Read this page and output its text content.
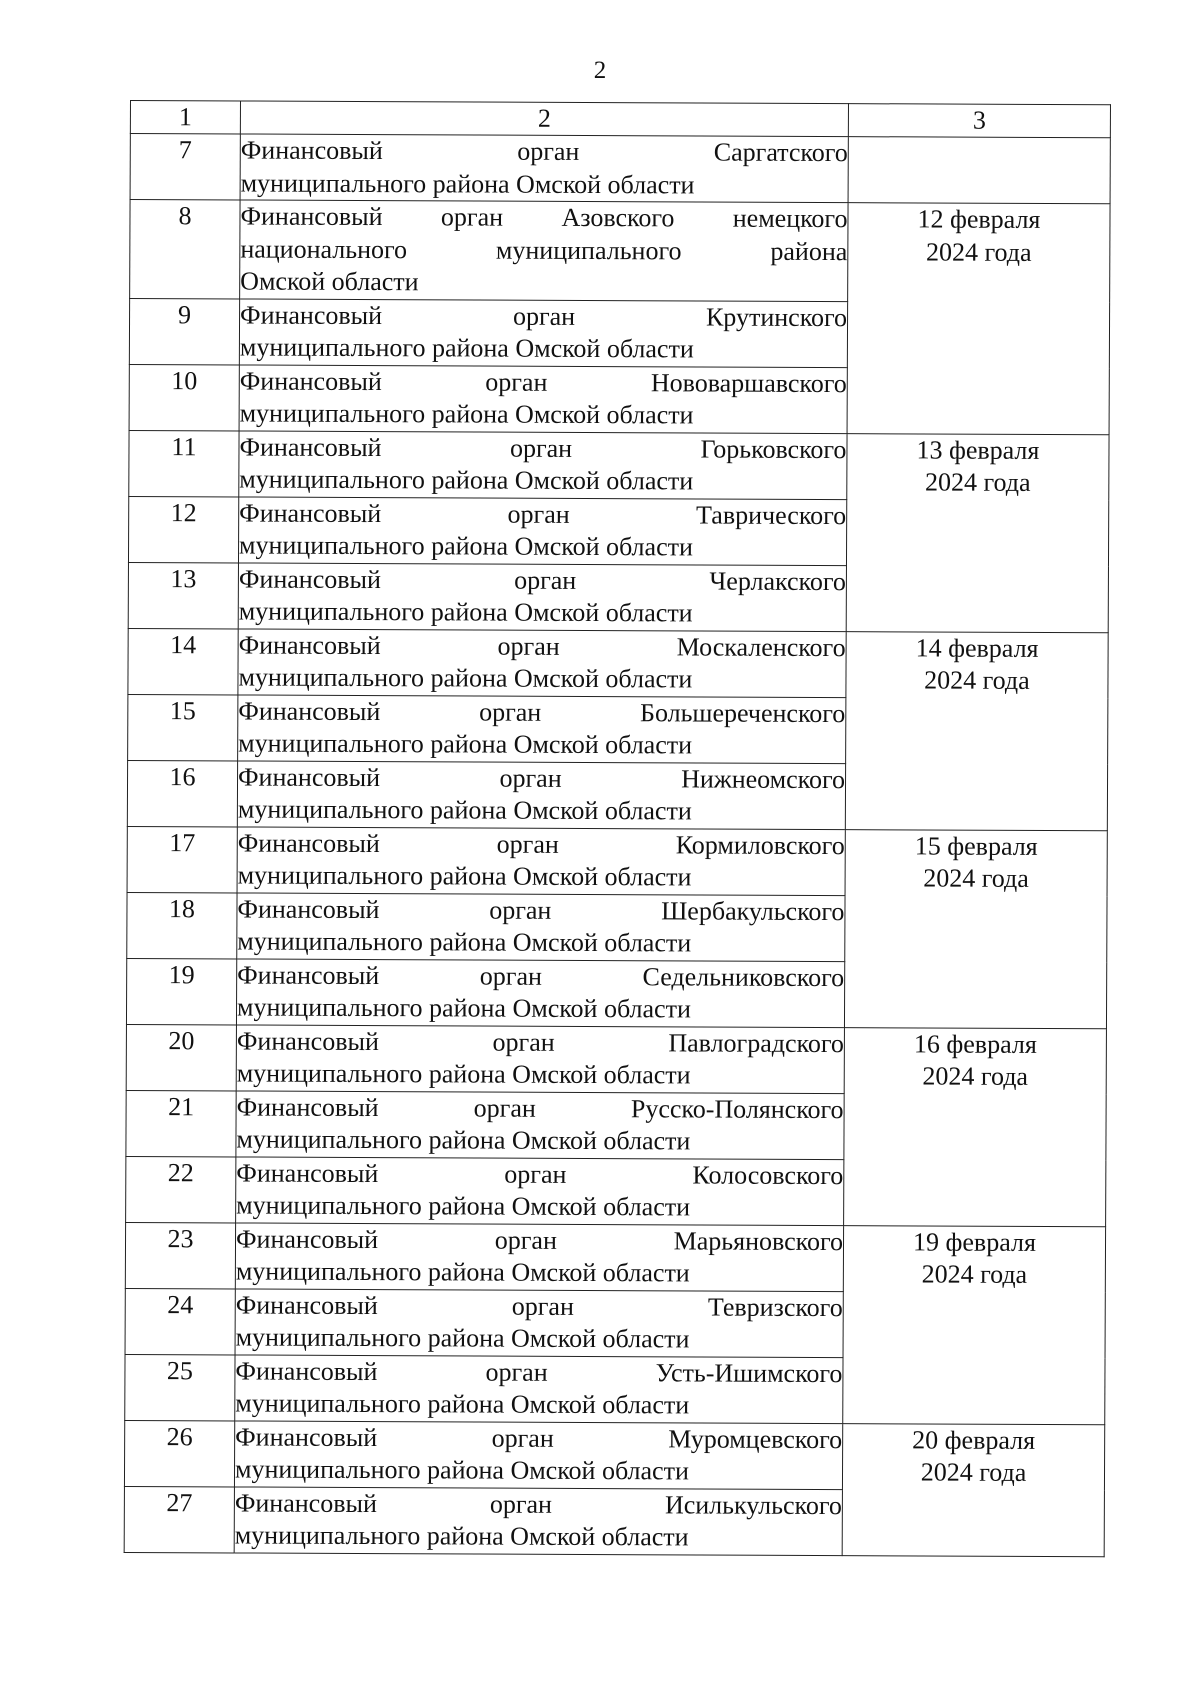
2
1	2	3
7	Финансовый орган Саргатского
муниципального района Омской области	

8	Финансовый орган Азовского немецкого национального муниципального района
Омской области	12 февраля
2024 года

9	Финансовый орган Крутинского
муниципального района Омской области	

10	Финансовый орган Нововаршавского
муниципального района Омской области	

11	Финансовый орган Горьковского
муниципального района Омской области	13 февраля
2024 года

12	Финансовый орган Таврического
муниципального района Омской области	

13	Финансовый орган Черлакского
муниципального района Омской области	

14	Финансовый орган Москаленского
муниципального района Омской области	14 февраля
2024 года

15	Финансовый орган Большереченского
муниципального района Омской области	

16	Финансовый орган Нижнеомского
муниципального района Омской области	

17	Финансовый орган Кормиловского
муниципального района Омской области	15 февраля
2024 года

18	Финансовый орган Шербакульского
муниципального района Омской области	

19	Финансовый орган Седельниковского
муниципального района Омской области	

20	Финансовый орган Павлоградского
муниципального района Омской области	16 февраля
2024 года

21	Финансовый орган Русско-Полянского
муниципального района Омской области	

22	Финансовый орган Колосовского
муниципального района Омской области	

23	Финансовый орган Марьяновского
муниципального района Омской области	19 февраля
2024 года

24	Финансовый орган Тевризского
муниципального района Омской области	

25	Финансовый орган Усть-Ишимского
муниципального района Омской области	

26	Финансовый орган Муромцевского
муниципального района Омской области	20 февраля
2024 года

27	Финансовый орган Исилькульского
муниципального района Омской области	
